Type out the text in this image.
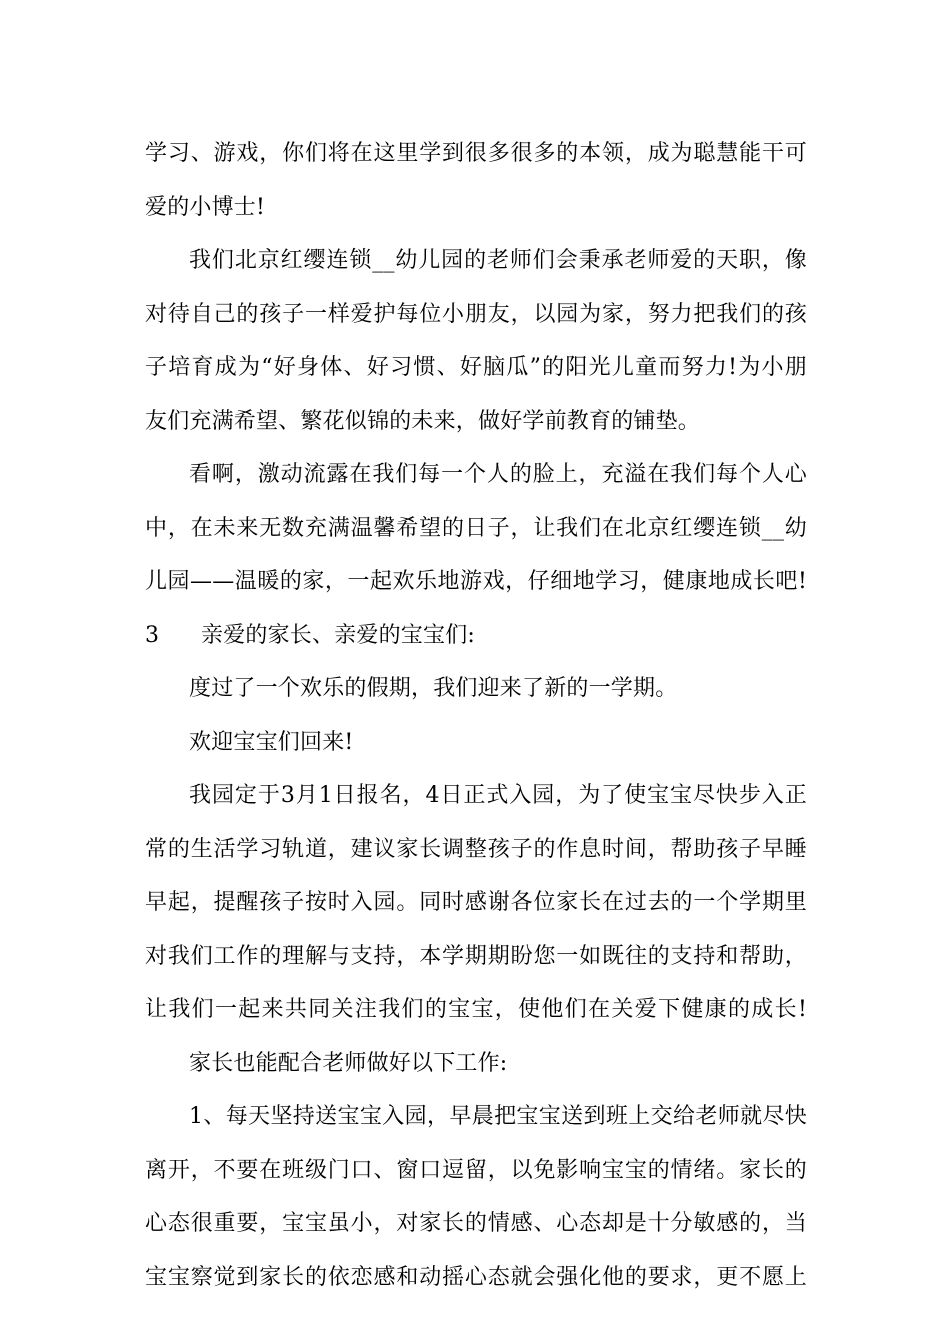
学习、游戏，你们将在这里学到很多很多的本领，成为聪慧能干可
爱的小博士!
我们北京红缨连锁__幼儿园的老师们会秉承老师爱的天职，像
对待自己的孩子一样爱护每位小朋友，以园为家，努力把我们的孩
子培育成为“好身体、好习惯、好脑瓜”的阳光儿童而努力!为小朋
友们充满希望、繁花似锦的未来，做好学前教育的铺垫。
看啊，激动流露在我们每一个人的脸上，充溢在我们每个人心
中，在未来无数充满温馨希望的日子，让我们在北京红缨连锁__幼
儿园——温暖的家，一起欢乐地游戏，仔细地学习，健康地成长吧!
3 亲爱的家长、亲爱的宝宝们:
度过了一个欢乐的假期，我们迎来了新的一学期。
欢迎宝宝们回来!
我园定于3月1日报名，4日正式入园，为了使宝宝尽快步入正
常的生活学习轨道，建议家长调整孩子的作息时间，帮助孩子早睡
早起，提醒孩子按时入园。同时感谢各位家长在过去的一个学期里
对我们工作的理解与支持，本学期期盼您一如既往的支持和帮助，
让我们一起来共同关注我们的宝宝，使他们在关爱下健康的成长!
家长也能配合老师做好以下工作:
1、每天坚持送宝宝入园，早晨把宝宝送到班上交给老师就尽快
离开，不要在班级门口、窗口逗留，以免影响宝宝的情绪。家长的
心态很重要，宝宝虽小，对家长的情感、心态却是十分敏感的，当
宝宝察觉到家长的依恋感和动摇心态就会强化他的要求，更不愿上
